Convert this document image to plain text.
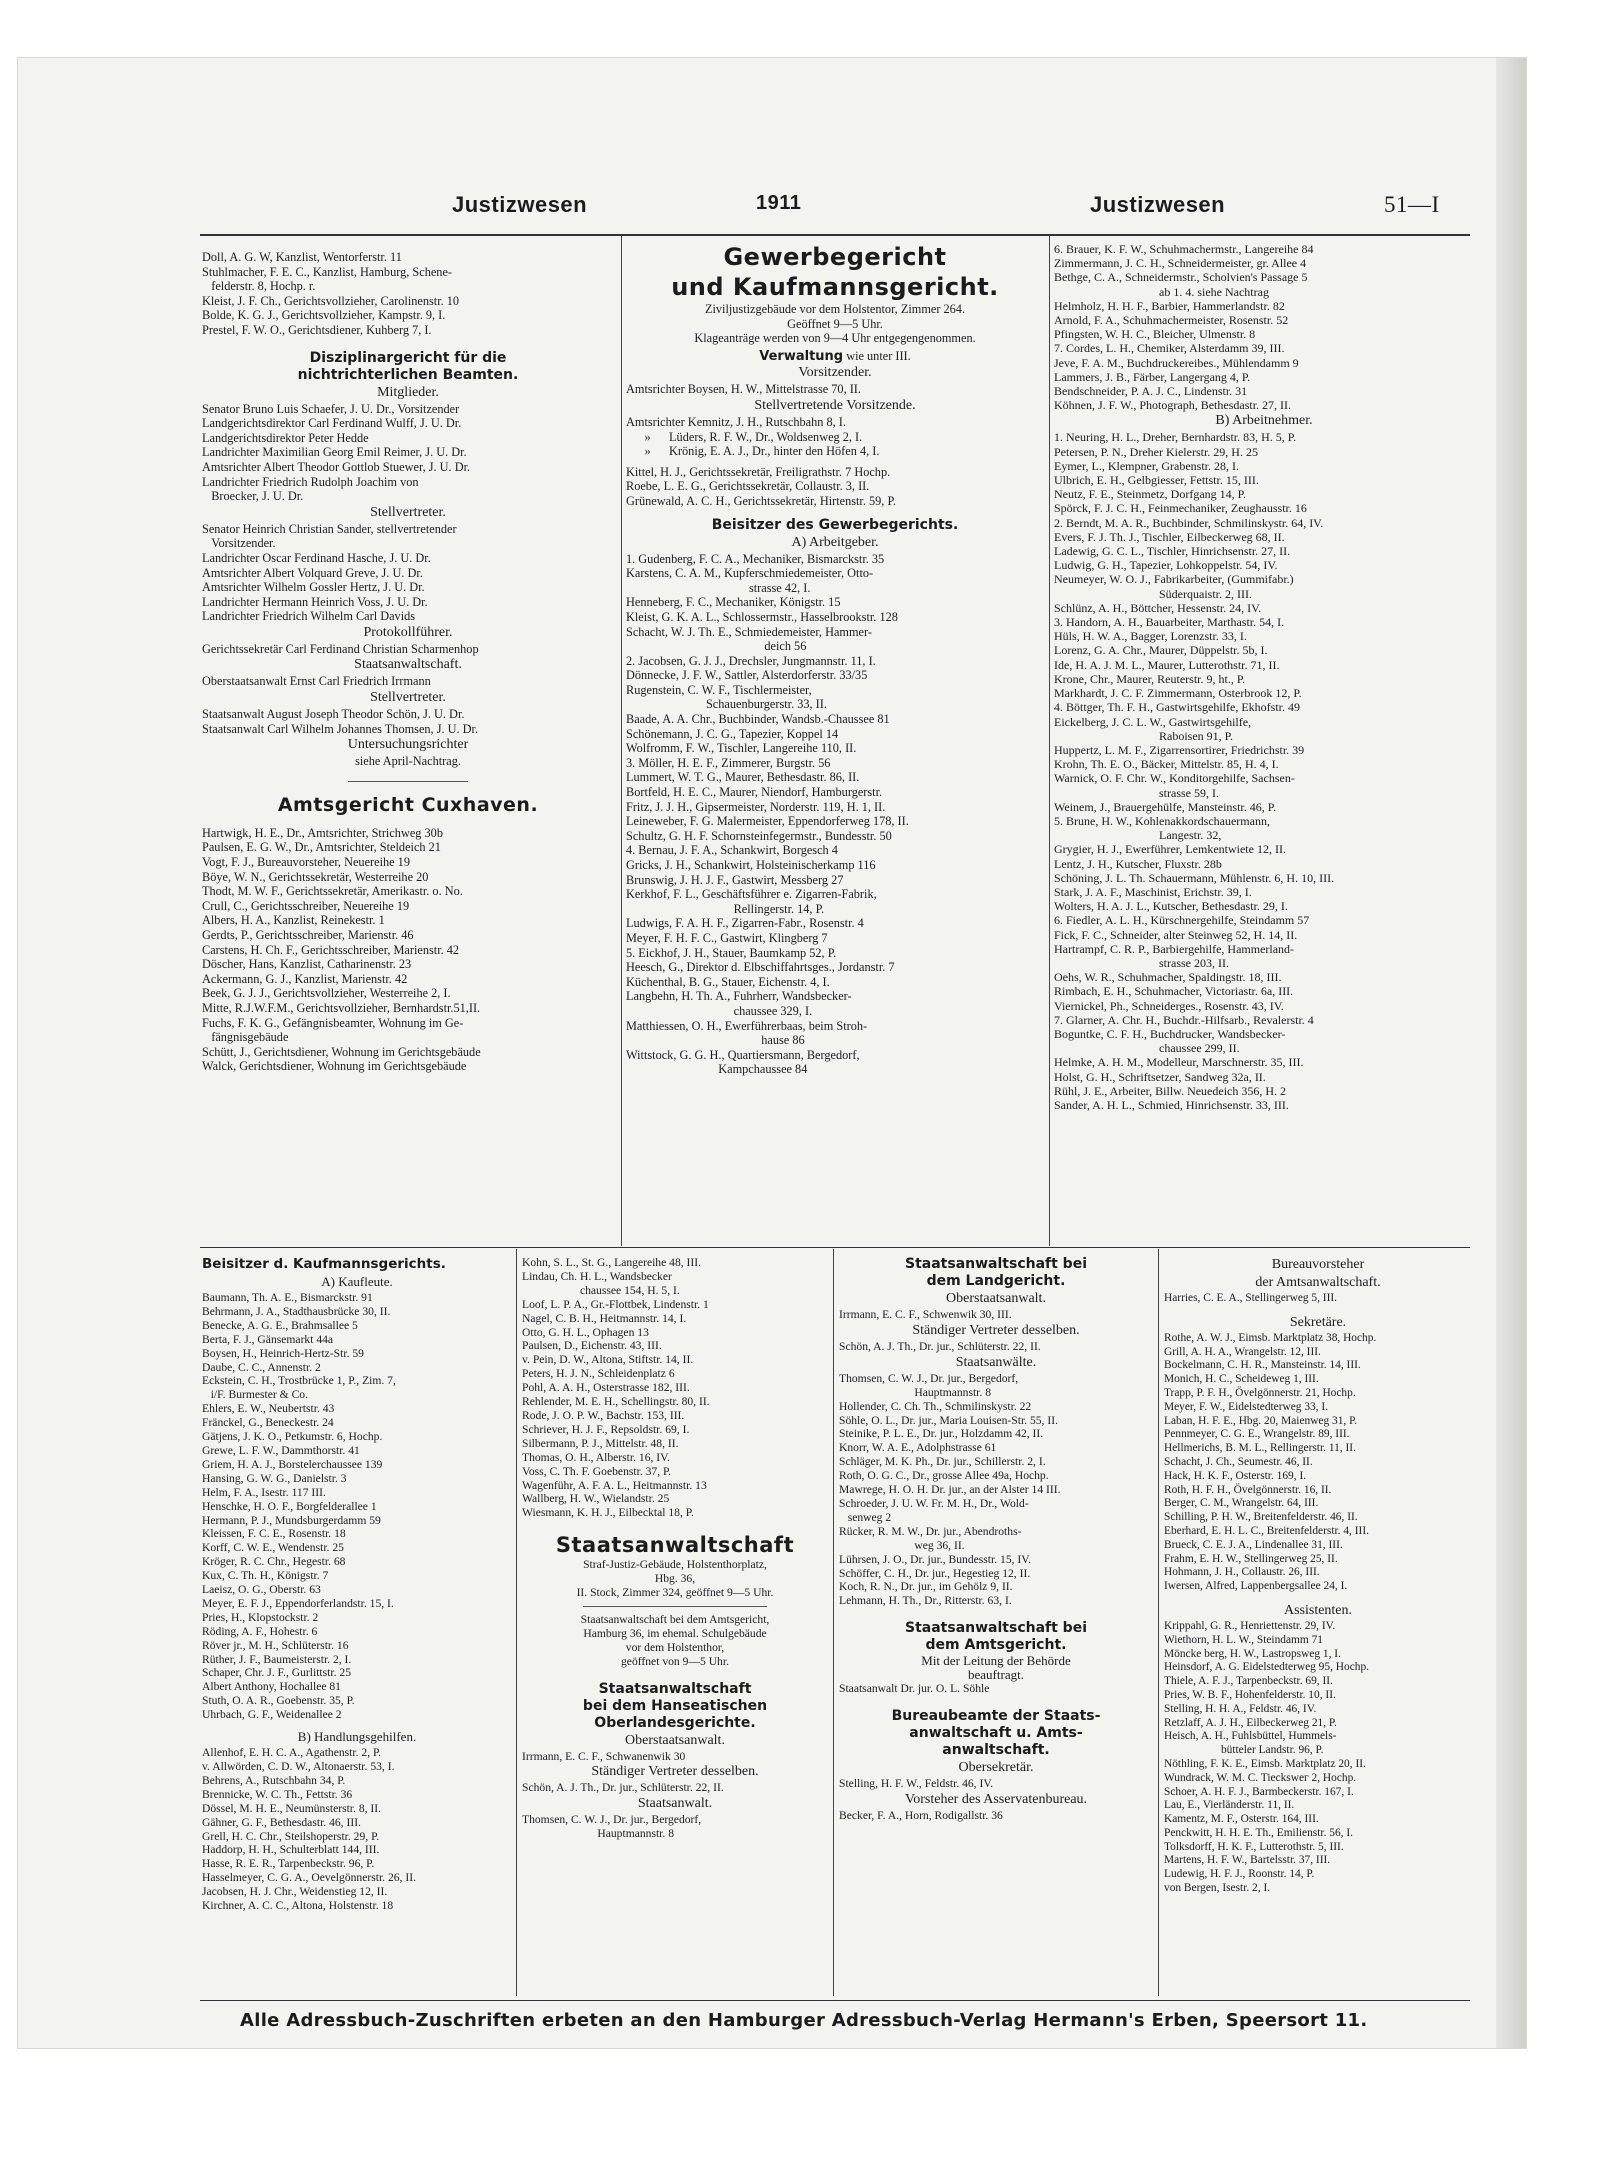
Justizwesen	1911	Justizwesen	51—I

Doll, A. G. W, Kanzlist, Wentorferstr. 11

Stuhlmacher, F. E. C., Kanzlist, Hamburg, Schene-

felderstr. 8, Hochp. r.

Kleist, J. F. Ch., Gerichtsvollzieher, Carolinenstr. 10

Bolde, K. G. J., Gerichtsvollzieher, Kampstr. 9, I.

Prestel, F. W. O., Gerichtsdiener, Kuhberg 7, I.

Disziplinargericht für die

nichtrichterlichen Beamten.

Mitglieder.

Senator Bruno Luis Schaefer, J. U. Dr., Vorsitzender

Landgerichtsdirektor Carl Ferdinand Wulff, J. U. Dr.

Landgerichtsdirektor Peter Hedde

Landrichter Maximilian Georg Emil Reimer, J. U. Dr.

Amtsrichter Albert Theodor Gottlob Stuewer, J. U. Dr.

Landrichter Friedrich Rudolph Joachim von

Broecker, J. U. Dr.

Stellvertreter.

Senator Heinrich Christian Sander, stellvertretender

Vorsitzender.

Landrichter Oscar Ferdinand Hasche, J. U. Dr.

Amtsrichter Albert Volquard Greve, J. U. Dr.

Amtsrichter Wilhelm Gossler Hertz, J. U. Dr.

Landrichter Hermann Heinrich Voss, J. U. Dr.

Landrichter Friedrich Wilhelm Carl Davids

Protokollführer.

Gerichtssekretär Carl Ferdinand Christian Scharmenhop

Staatsanwaltschaft.

Oberstaatsanwalt Ernst Carl Friedrich Irrmann

Stellvertreter.

Staatsanwalt August Joseph Theodor Schön, J. U. Dr.

Staatsanwalt Carl Wilhelm Johannes Thomsen, J. U. Dr.

Untersuchungsrichter

siehe April-Nachtrag.

Amtsgericht Cuxhaven.

Hartwigk, H. E., Dr., Amtsrichter, Strichweg 30b

Paulsen, E. G. W., Dr., Amtsrichter, Steldeich 21

Vogt, F. J., Bureauvorsteher, Neuereihe 19

Böye, W. N., Gerichtssekretär, Westerreihe 20

Thodt, M. W. F., Gerichtssekretär, Amerikastr. o. No.

Crull, C., Gerichtsschreiber, Neuereihe 19

Albers, H. A., Kanzlist, Reinekestr. 1

Gerdts, P., Gerichtsschreiber, Marienstr. 46

Carstens, H. Ch. F., Gerichtsschreiber, Marienstr. 42

Döscher, Hans, Kanzlist, Catharinenstr. 23

Ackermann, G. J., Kanzlist, Marienstr. 42

Beek, G. J. J., Gerichtsvollzieher, Westerreihe 2, I.

Mitte, R.J.W.F.M., Gerichtsvollzieher, Bernhardstr.51,II.

Fuchs, F. K. G., Gefängnisbeamter, Wohnung im Ge-

fängnisgebäude

Schütt, J., Gerichtsdiener, Wohnung im Gerichtsgebäude

Walck, Gerichtsdiener, Wohnung im Gerichtsgebäude

Gewerbegericht

und Kaufmannsgericht.

Ziviljustizgebäude vor dem Holstentor, Zimmer 264.

Geöffnet 9—5 Uhr.

Klageanträge werden von 9—4 Uhr entgegengenommen.

Verwaltung wie unter III.

Vorsitzender.

Amtsrichter Boysen, H. W., Mittelstrasse 70, II.

Stellvertretende Vorsitzende.

Amtsrichter Kemnitz, J. H., Rutschbahn 8, I.

»      Lüders, R. F. W., Dr., Woldsenweg 2, I.

»      Krönig, E. A. J., Dr., hinter den Höfen 4, I.

Kittel, H. J., Gerichtssekretär, Freiligrathstr. 7 Hochp.

Roebe, L. E. G., Gerichtssekretär, Collaustr. 3, II.

Grünewald, A. C. H., Gerichtssekretär, Hirtenstr. 59, P.

Beisitzer des Gewerbegerichts.

A) Arbeitgeber.

1. Gudenberg, F. C. A., Mechaniker, Bismarckstr. 35

Karstens, C. A. M., Kupferschmiedemeister, Otto-

strasse 42, I.

Henneberg, F. C., Mechaniker, Königstr. 15

Kleist, G. K. A. L., Schlossermstr., Hasselbrookstr. 128

Schacht, W. J. Th. E., Schmiedemeister, Hammer-

deich 56

2. Jacobsen, G. J. J., Drechsler, Jungmannstr. 11, I.

Dönnecke, J. F. W., Sattler, Alsterdorferstr. 33/35

Rugenstein, C. W. F., Tischlermeister,

Schauenburgerstr. 33, II.

Baade, A. A. Chr., Buchbinder, Wandsb.-Chaussee 81

Schönemann, J. C. G., Tapezier, Koppel 14

Wolfromm, F. W., Tischler, Langereihe 110, II.

3. Möller, H. E. F., Zimmerer, Burgstr. 56

Lummert, W. T. G., Maurer, Bethesdastr. 86, II.

Bortfeld, H. E. C., Maurer, Niendorf, Hamburgerstr.

Fritz, J. J. H., Gipsermeister, Norderstr. 119, H. 1, II.

Leineweber, F. G. Malermeister, Eppendorferweg 178, II.

Schultz, G. H. F. Schornsteinfegermstr., Bundesstr. 50

4. Bernau, J. F. A., Schankwirt, Borgesch 4

Gricks, J. H., Schankwirt, Holsteinischerkamp 116

Brunswig, J. H. J. F., Gastwirt, Messberg 27

Kerkhof, F. L., Geschäftsführer e. Zigarren-Fabrik,

Rellingerstr. 14, P.

Ludwigs, F. A. H. F., Zigarren-Fabr., Rosenstr. 4

Meyer, F. H. F. C., Gastwirt, Klingberg 7

5. Eickhof, J. H., Stauer, Baumkamp 52, P.

Heesch, G., Direktor d. Elbschiffahrtsges., Jordanstr. 7

Küchenthal, B. G., Stauer, Eichenstr. 4, I.

Langbehn, H. Th. A., Fuhrherr, Wandsbecker-

chaussee 329, I.

Matthiessen, O. H., Ewerführerbaas, beim Stroh-

hause 86

Wittstock, G. G. H., Quartiersmann, Bergedorf,

Kampchaussee 84

6. Brauer, K. F. W., Schuhmachermstr., Langereihe 84

Zimmermann, J. C. H., Schneidermeister, gr. Allee 4

Bethge, C. A., Schneidermstr., Scholvien's Passage 5

ab 1. 4. siehe Nachtrag

Helmholz, H. H. F., Barbier, Hammerlandstr. 82

Arnold, F. A., Schuhmachermeister, Rosenstr. 52

Pfingsten, W. H. C., Bleicher, Ulmenstr. 8

7. Cordes, L. H., Chemiker, Alsterdamm 39, III.

Jeve, F. A. M., Buchdruckereibes., Mühlendamm 9

Lammers, J. B., Färber, Langergang 4, P.

Bendschneider, P. A. J. C., Lindenstr. 31

Köhnen, J. F. W., Photograph, Bethesdastr. 27, II.

B) Arbeitnehmer.

1. Neuring, H. L., Dreher, Bernhardstr. 83, H. 5, P.

Petersen, P. N., Dreher Kielerstr. 29, H. 25

Eymer, L., Klempner, Grabenstr. 28, I.

Ulbrich, E. H., Gelbgiesser, Fettstr. 15, III.

Neutz, F. E., Steinmetz, Dorfgang 14, P.

Spörck, F. J. C. H., Feinmechaniker, Zeughausstr. 16

2. Berndt, M. A. R., Buchbinder, Schmilinskystr. 64, IV.

Evers, F. J. Th. J., Tischler, Eilbeckerweg 68, II.

Ladewig, G. C. L., Tischler, Hinrichsenstr. 27, II.

Ludwig, G. H., Tapezier, Lohkoppelstr. 54, IV.

Neumeyer, W. O. J., Fabrikarbeiter, (Gummifabr.)

Süderquaistr. 2, III.

Schlünz, A. H., Böttcher, Hessenstr. 24, IV.

3. Handorn, A. H., Bauarbeiter, Marthastr. 54, I.

Hüls, H. W. A., Bagger, Lorenzstr. 33, I.

Lorenz, G. A. Chr., Maurer, Düppelstr. 5b, I.

Ide, H. A. J. M. L., Maurer, Lutterothstr. 71, II.

Krone, Chr., Maurer, Reuterstr. 9, ht., P.

Markhardt, J. C. F. Zimmermann, Osterbrook 12, P.

4. Böttger, Th. F. H., Gastwirtsgehilfe, Ekhofstr. 49

Eickelberg, J. C. L. W., Gastwirtsgehilfe,

Raboisen 91, P.

Huppertz, L. M. F., Zigarrensortirer, Friedrichstr. 39

Krohn, Th. E. O., Bäcker, Mittelstr. 85, H. 4, I.

Warnick, O. F. Chr. W., Konditorgehilfe, Sachsen-

strasse 59, I.

Weinem, J., Brauergehülfe, Mansteinstr. 46, P.

5. Brune, H. W., Kohlenakkordschauermann,

Langestr. 32,

Grygier, H. J., Ewerführer, Lemkentwiete 12, II.

Lentz, J. H., Kutscher, Fluxstr. 28b

Schöning, J. L. Th. Schauermann, Mühlenstr. 6, H. 10, III.

Stark, J. A. F., Maschinist, Erichstr. 39, I.

Wolters, H. A. J. L., Kutscher, Bethesdastr. 29, I.

6. Fiedler, A. L. H., Kürschnergehilfe, Steindamm 57

Fick, F. C., Schneider, alter Steinweg 52, H. 14, II.

Hartrampf, C. R. P., Barbiergehilfe, Hammerland-

strasse 203, II.

Oehs, W. R., Schuhmacher, Spaldingstr. 18, III.

Rimbach, E. H., Schuhmacher, Victoriastr. 6a, III.

Viernickel, Ph., Schneiderges., Rosenstr. 43, IV.

7. Glarner, A. Chr. H., Buchdr.-Hilfsarb., Revalerstr. 4

Boguntke, C. F. H., Buchdrucker, Wandsbecker-

chaussee 299, II.

Helmke, A. H. M., Modelleur, Marschnerstr. 35, III.

Holst, G. H., Schriftsetzer, Sandweg 32a, II.

Rühl, J. E., Arbeiter, Billw. Neuedeich 356, H. 2

Sander, A. H. L., Schmied, Hinrichsenstr. 33, III.

Beisitzer d. Kaufmannsgerichts.

A) Kaufleute.

Baumann, Th. A. E., Bismarckstr. 91

Behrmann, J. A., Stadthausbrücke 30, II.

Benecke, A. G. E., Brahmsallee 5

Berta, F. J., Gänsemarkt 44a

Boysen, H., Heinrich-Hertz-Str. 59

Daube, C. C., Annenstr. 2

Eckstein, C. H., Trostbrücke 1, P., Zim. 7,

i/F. Burmester & Co.

Ehlers, E. W., Neubertstr. 43

Fränckel, G., Beneckestr. 24

Gätjens, J. K. O., Petkumstr. 6, Hochp.

Grewe, L. F. W., Dammthorstr. 41

Griem, H. A. J., Borstelerchaussee 139

Hansing, G. W. G., Danielstr. 3

Helm, F. A., Isestr. 117 III.

Henschke, H. O. F., Borgfelderallee 1

Hermann, P. J., Mundsburgerdamm 59

Kleissen, F. C. E., Rosenstr. 18

Korff, C. W. E., Wendenstr. 25

Kröger, R. C. Chr., Hegestr. 68

Kux, C. Th. H., Königstr. 7

Laeisz, O. G., Oberstr. 63

Meyer, E. F. J., Eppendorferlandstr. 15, I.

Pries, H., Klopstockstr. 2

Röding, A. F., Hohestr. 6

Röver jr., M. H., Schlüterstr. 16

Rüther, J. F., Baumeisterstr. 2, I.

Schaper, Chr. J. F., Gurlittstr. 25

Albert Anthony, Hochallee 81

Stuth, O. A. R., Goebenstr. 35, P.

Uhrbach, G. F., Weidenallee 2

B) Handlungsgehilfen.

Allenhof, E. H. C. A., Agathenstr. 2, P.

v. Allwörden, C. D. W., Altonaerstr. 53, I.

Behrens, A., Rutschbahn 34, P.

Brennicke, W. C. Th., Fettstr. 36

Dössel, M. H. E., Neumünsterstr. 8, II.

Gähner, G. F., Bethesdastr. 46, III.

Grell, H. C. Chr., Steilshoperstr. 29, P.

Haddorp, H. H., Schulterblatt 144, III.

Hasse, R. E. R., Tarpenbeckstr. 96, P.

Hasselmeyer, C. G. A., Oevelgönnerstr. 26, II.

Jacobsen, H. J. Chr., Weidenstieg 12, II.

Kirchner, A. C. C., Altona, Holstenstr. 18

Kohn, S. L., St. G., Langereihe 48, III.

Lindau, Ch. H. L., Wandsbecker

chaussee 154, H. 5, I.

Loof, L. P. A., Gr.-Flottbek, Lindenstr. 1

Nagel, C. B. H., Heitmannstr. 14, I.

Otto, G. H. L., Ophagen 13

Paulsen, D., Eichenstr. 43, III.

v. Pein, D. W., Altona, Stiftstr. 14, II.

Peters, H. J. N., Schleidenplatz 6

Pohl, A. A. H., Osterstrasse 182, III.

Rehlender, M. E. H., Schellingstr. 80, II.

Rode, J. O. P. W., Bachstr. 153, III.

Schriever, H. J. F., Repsoldstr. 69, I.

Silbermann, P. J., Mittelstr. 48, II.

Thomas, O. H., Alberstr. 16, IV.

Voss, C. Th. F. Goebenstr. 37, P.

Wagenführ, A. F. A. L., Heitmannstr. 13

Wallberg, H. W., Wielandstr. 25

Wiesmann, K. H. J., Eilbecktal 18, P.

Staatsanwaltschaft

Straf-Justiz-Gebäude, Holstenthorplatz,

Hbg. 36,

II. Stock, Zimmer 324, geöffnet 9—5 Uhr.

Staatsanwaltschaft bei dem Amtsgericht,

Hamburg 36, im ehemal. Schulgebäude

vor dem Holstenthor,

geöffnet von 9—5 Uhr.

Staatsanwaltschaft

bei dem Hanseatischen

Oberlandesgerichte.

Oberstaatsanwalt.

Irrmann, E. C. F., Schwanenwik 30

Ständiger Vertreter desselben.

Schön, A. J. Th., Dr. jur., Schlüterstr. 22, II.

Staatsanwalt.

Thomsen, C. W. J., Dr. jur., Bergedorf,

Hauptmannstr. 8

Staatsanwaltschaft bei

dem Landgericht.

Oberstaatsanwalt.

Irrmann, E. C. F., Schwenwik 30, III.

Ständiger Vertreter desselben.

Schön, A. J. Th., Dr. jur., Schlüterstr. 22, II.

Staatsanwälte.

Thomsen, C. W. J., Dr. jur., Bergedorf,

Hauptmannstr. 8

Hollender, C. Ch. Th., Schmilinskystr. 22

Söhle, O. L., Dr. jur., Maria Louisen-Str. 55, II.

Steinike, P. L. E., Dr. jur., Holzdamm 42, II.

Knorr, W. A. E., Adolphstrasse 61

Schläger, M. K. Ph., Dr. jur., Schillerstr. 2, I.

Roth, O. G. C., Dr., grosse Allee 49a, Hochp.

Mawrege, H. O. H. Dr. jur., an der Alster 14 III.

Schroeder, J. U. W. Fr. M. H., Dr., Wold-

senweg 2

Rücker, R. M. W., Dr. jur., Abendroths-

weg 36, II.

Lührsen, J. O., Dr. jur., Bundesstr. 15, IV.

Schöffer, C. H., Dr. jur., Hegestieg 12, II.

Koch, R. N., Dr. jur., im Gehölz 9, II.

Lehmann, H. Th., Dr., Ritterstr. 63, I.

Staatsanwaltschaft bei

dem Amtsgericht.

Mit der Leitung der Behörde

beauftragt.

Staatsanwalt Dr. jur. O. L. Söhle

Bureaubeamte der Staats-

anwaltschaft u. Amts-

anwaltschaft.

Obersekretär.

Stelling, H. F. W., Feldstr. 46, IV.

Vorsteher des Asservatenbureau.

Becker, F. A., Horn, Rodigallstr. 36

Bureauvorsteher

der Amtsanwaltschaft.

Harries, C. E. A., Stellingerweg 5, III.

Sekretäre.

Rothe, A. W. J., Eimsb. Marktplatz 38, Hochp.

Grill, A. H. A., Wrangelstr. 12, III.

Bockelmann, C. H. R., Mansteinstr. 14, III.

Monich, H. C., Scheideweg 1, III.

Trapp, P. F. H., Övelgönnerstr. 21, Hochp.

Meyer, F. W., Eidelstedterweg 33, I.

Laban, H. F. E., Hbg. 20, Maienweg 31, P.

Pennmeyer, C. G. E., Wrangelstr. 89, III.

Hellmerichs, B. M. L., Rellingerstr. 11, II.

Schacht, J. Ch., Seumestr. 46, II.

Hack, H. K. F., Osterstr. 169, I.

Roth, H. F. H., Övelgönnerstr. 16, II.

Berger, C. M., Wrangelstr. 64, III.

Schilling, P. H. W., Breitenfelderstr. 46, II.

Eberhard, E. H. L. C., Breitenfelderstr. 4, III.

Brueck, C. E. J. A., Lindenallee 31, III.

Frahm, E. H. W., Stellingerweg 25, II.

Hohmann, J. H., Collaustr. 26, III.

Iwersen, Alfred, Lappenbergsallee 24, I.

Assistenten.

Krippahl, G. R., Henriettenstr. 29, IV.

Wiethorn, H. L. W., Steindamm 71

Möncke berg, H. W., Lastropsweg 1, I.

Heinsdorf, A. G. Eidelstedterweg 95, Hochp.

Thiele, A. F. J., Tarpenbeckstr. 69, II.

Pries, W. B. F., Hohenfelderstr. 10, II.

Stelling, H. H. A., Feldstr. 46, IV.

Retzlaff, A. J. H., Eilbeckerweg 21, P.

Heisch, A. H., Fuhlsbüttel, Hummels-

bütteler Landstr. 96, P.

Nöthling, F. K. E., Eimsb. Marktplatz 20, II.

Wundrack, W. M. C. Tieckswег 2, Hochp.

Schoer, A. H. F. J., Barmbeckerstr. 167, I.

Lau, E., Vierländerstr. 11, II.

Kamentz, M. F., Osterstr. 164, III.

Penckwitt, H. H. E. Th., Emilienstr. 56, I.

Tolksdorff, H. K. F., Lutterothstr. 5, III.

Martens, H. F. W., Bartelsstr. 37, III.

Ludewig, H. F. J., Roonstr. 14, P.

von Bergen, Isestr. 2, I.

Alle Adressbuch-Zuschriften erbeten an den Hamburger Adressbuch-Verlag Hermann's Erben, Speersort 11.
